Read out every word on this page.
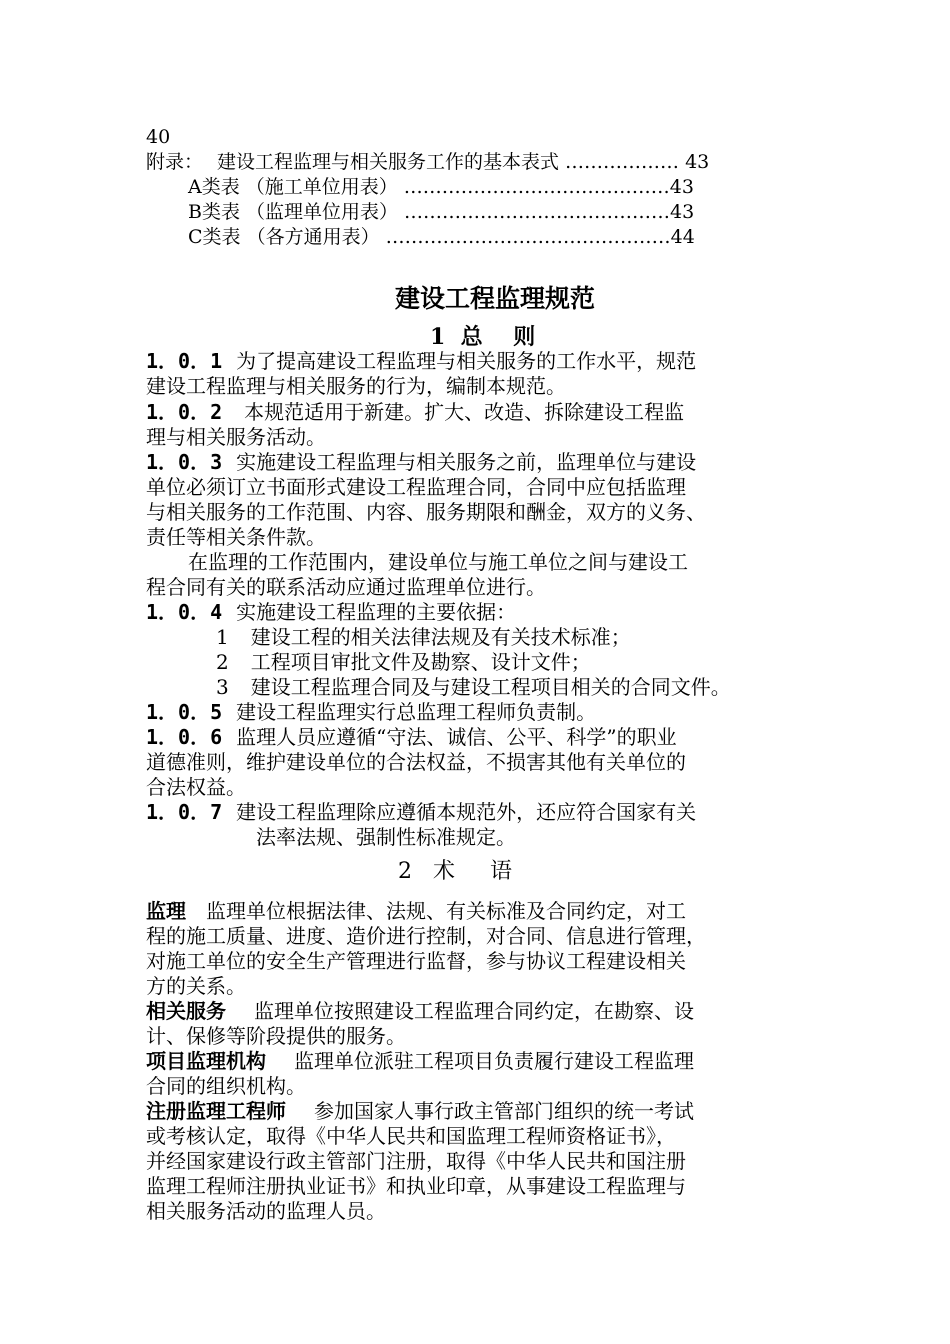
40
附录： 建设工程监理与相关服务工作的基本表式 ……………… 43
A类表 （施工单位用表） ……………………………………43
B类表 （监理单位用表） ……………………………………43
C类表 （各方通用表） ………………………………………44
建设工程监理规范
1  总    则
1．0．1 为了提高建设工程监理与相关服务的工作水平，规范
建设工程监理与相关服务的行为，编制本规范。
1．0．2 本规范适用于新建。扩大、改造、拆除建设工程监
理与相关服务活动。
1．0．3 实施建设工程监理与相关服务之前，监理单位与建设
单位必须订立书面形式建设工程监理合同，合同中应包括监理
与相关服务的工作范围、内容、服务期限和酬金，双方的义务、
责任等相关条件款。
在监理的工作范围内，建设单位与施工单位之间与建设工
程合同有关的联系活动应通过监理单位进行。
1．0．4 实施建设工程监理的主要依据：
1 建设工程的相关法律法规及有关技术标准；
2 工程项目审批文件及勘察、设计文件；
3 建设工程监理合同及与建设工程项目相关的合同文件。
1．0．5 建设工程监理实行总监理工程师负责制。
1．0．6 监理人员应遵循“守法、诚信、公平、科学”的职业
道德准则，维护建设单位的合法权益，不损害其他有关单位的
合法权益。
1．0．7 建设工程监理除应遵循本规范外，还应符合国家有关
法率法规、强制性标准规定。
2   术     语
监理 监理单位根据法律、法规、有关标准及合同约定，对工
程的施工质量、进度、造价进行控制，对合同、信息进行管理，
对施工单位的安全生产管理进行监督，参与协议工程建设相关
方的关系。
相关服务 监理单位按照建设工程监理合同约定，在勘察、设
计、保修等阶段提供的服务。
项目监理机构 监理单位派驻工程项目负责履行建设工程监理
合同的组织机构。
注册监理工程师 参加国家人事行政主管部门组织的统一考试
或考核认定，取得《中华人民共和国监理工程师资格证书》，
并经国家建设行政主管部门注册，取得《中华人民共和国注册
监理工程师注册执业证书》和执业印章，从事建设工程监理与
相关服务活动的监理人员。
